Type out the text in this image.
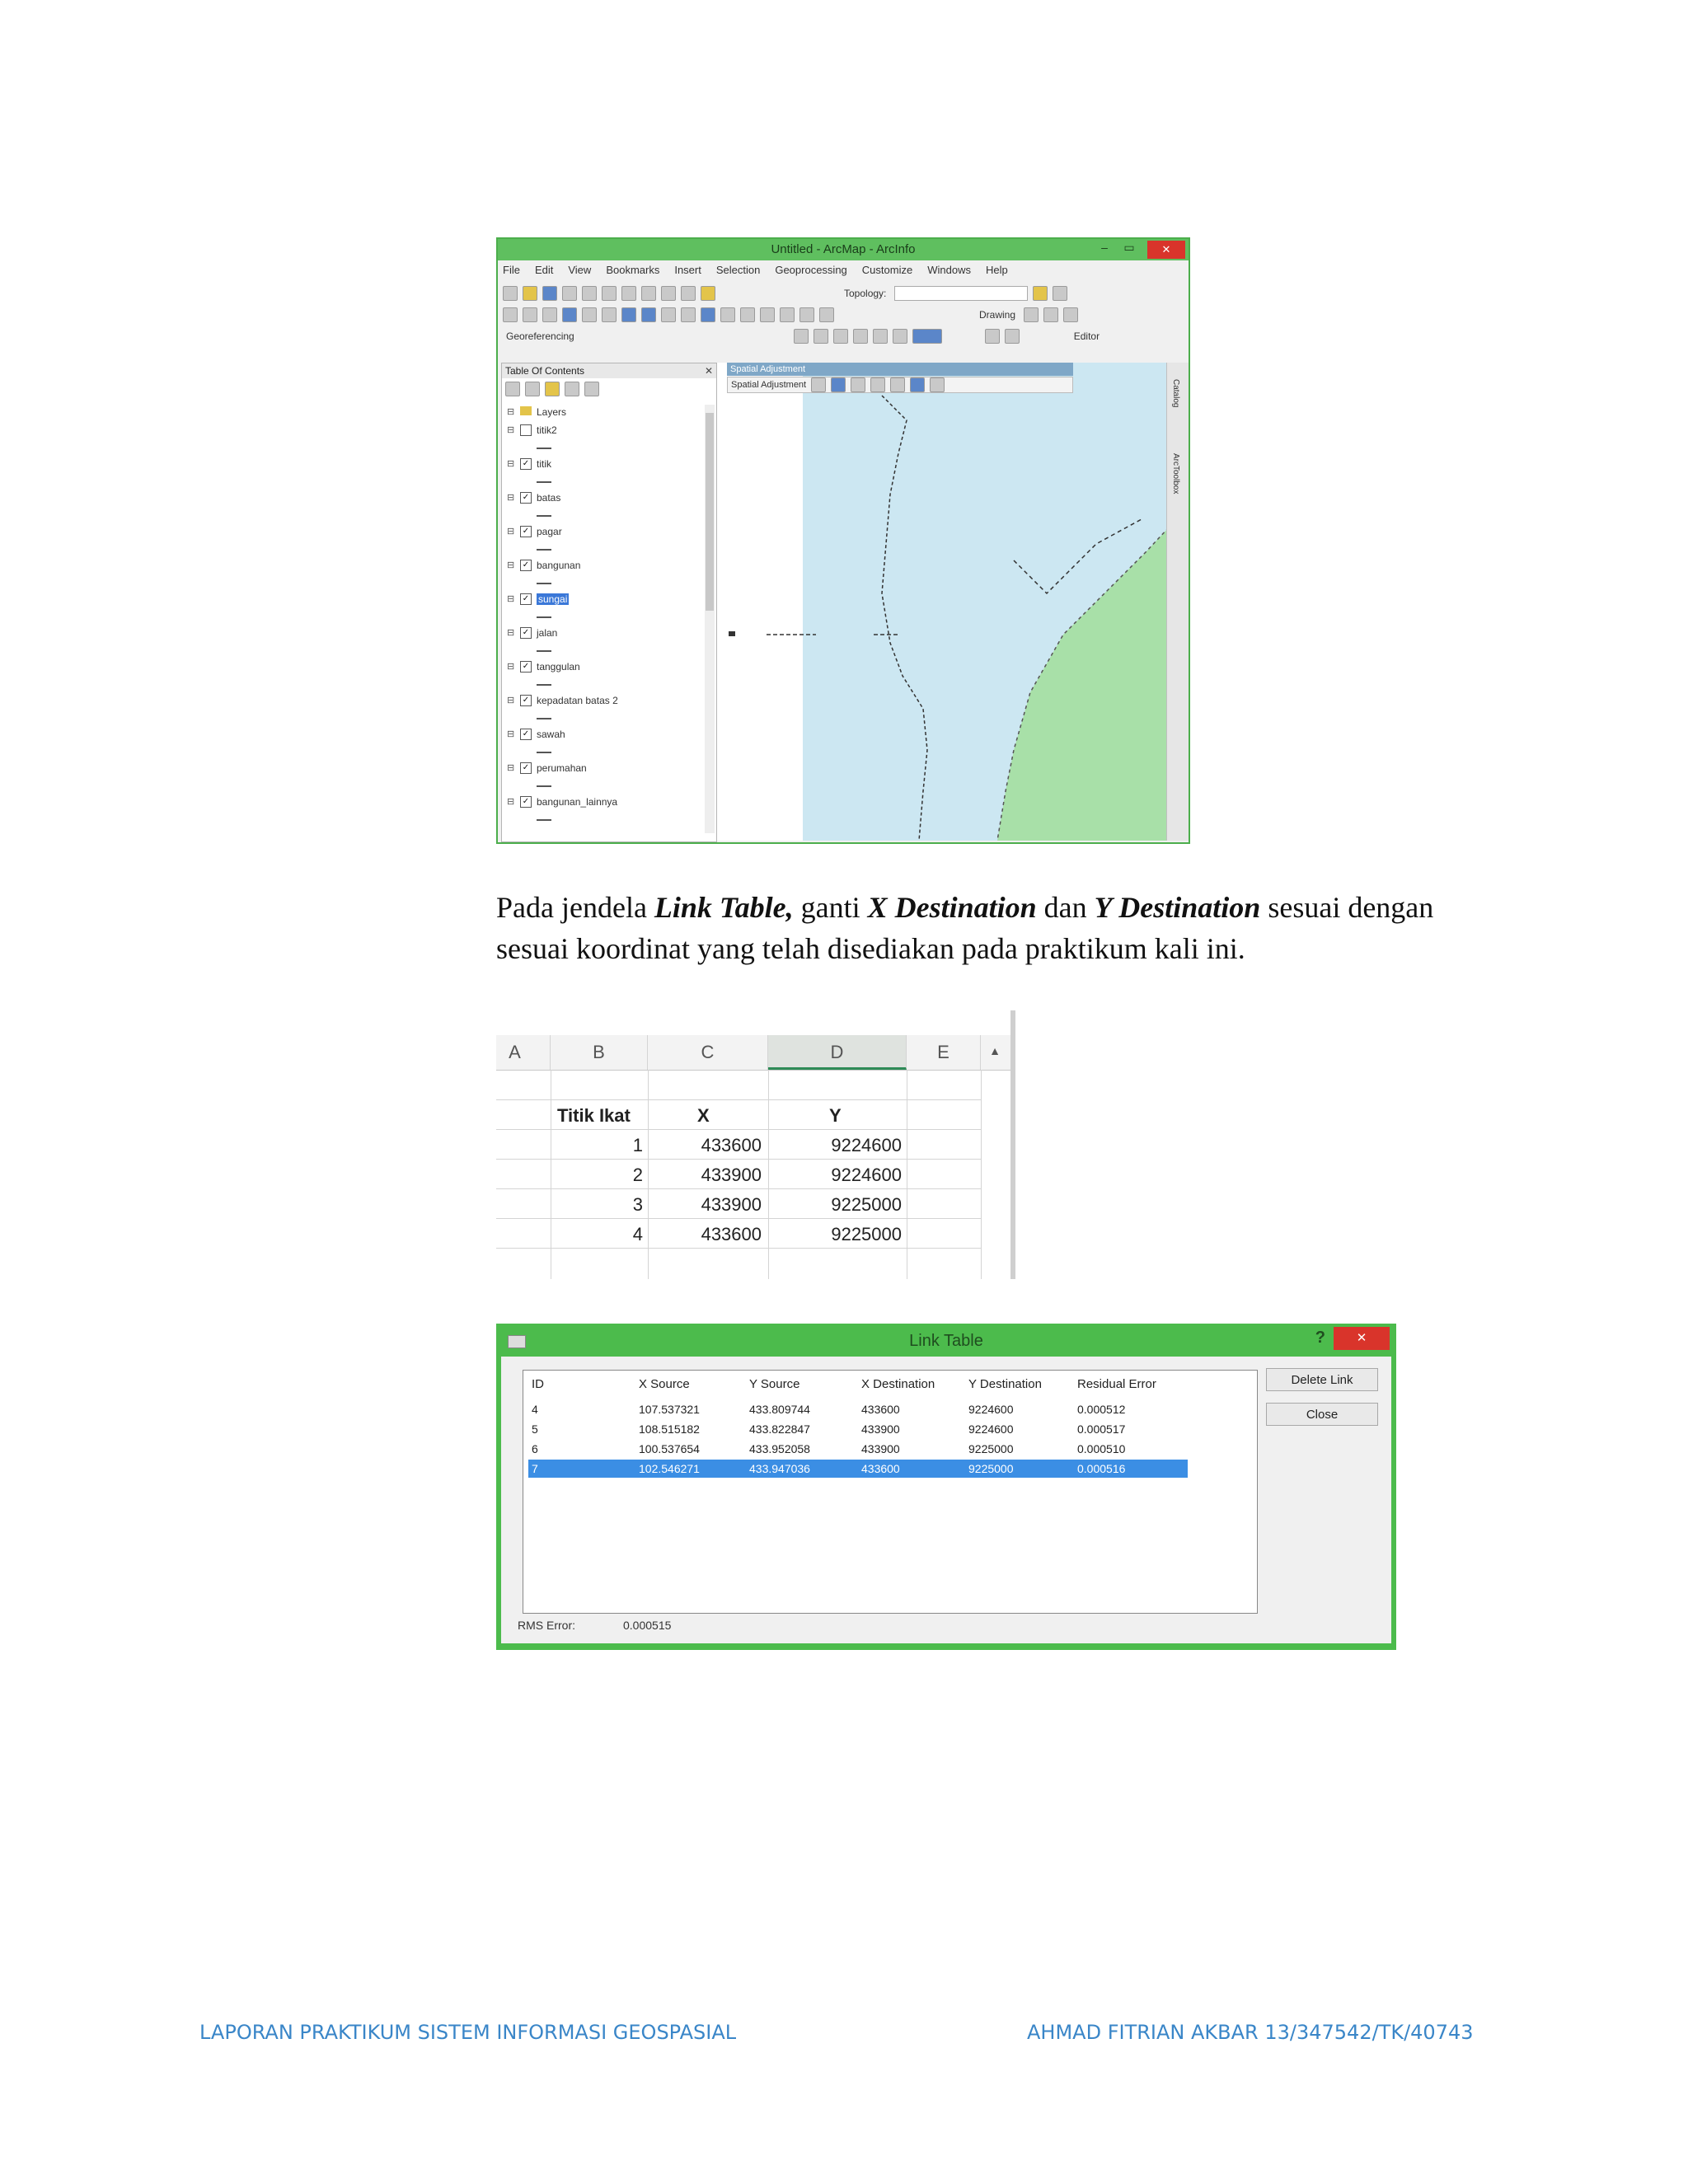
Untitled - ArcMap - ArcInfo	–	▭	✕
File Edit View Bookmarks Insert Selection Geoprocessing Customize Windows Help
Topology:
Drawing
Georeferencing	Editor
Table Of Contents	✕
⊟ Layers
⊟ titik2
⊟ ✓ titik
⊟ ✓ batas
⊟ ✓ pagar
⊟ ✓ bangunan
⊟ ✓ sungai
⊟ ✓ jalan
⊟ ✓ tanggulan
⊟ ✓ kepadatan batas 2
⊟ ✓ sawah
⊟ ✓ perumahan
⊟ ✓ bangunan_lainnya
Spatial Adjustment
Spatial Adjustment	Catalog
ArcToolbox
Pada jendela Link Table, ganti X Destination dan Y Destination sesuai dengan sesuai koordinat yang telah disediakan pada praktikum kali ini.
A	B	C	D	E	▲
Titik Ikat	X	Y
1	433600	9224600
2	433900	9224600
3	433900	9225000
4	433600	9225000
Link Table	?	✕
ID	X Source	Y Source	X Destination	Y Destination	Residual Error
4	107.537321	433.809744	433600	9224600	0.000512
5	108.515182	433.822847	433900	9224600	0.000517
6	100.537654	433.952058	433900	9225000	0.000510
7	102.546271	433.947036	433600	9225000	0.000516
Delete Link
Close
RMS Error:	0.000515
LAPORAN PRAKTIKUM SISTEM INFORMASI GEOSPASIAL	AHMAD FITRIAN AKBAR 13/347542/TK/40743
